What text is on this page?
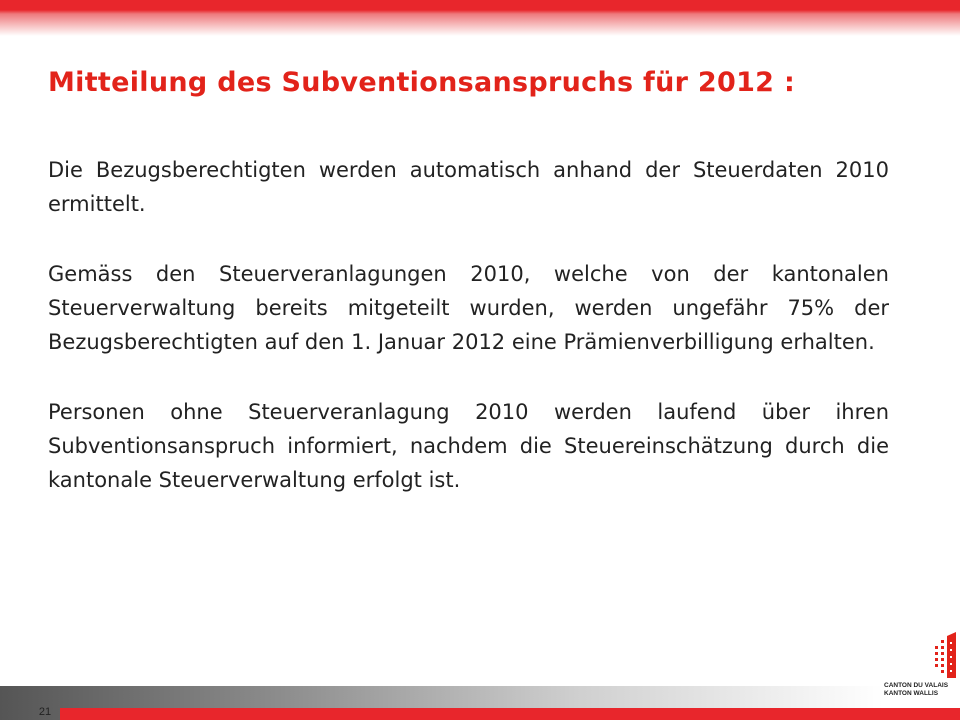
Mitteilung des Subventionsanspruchs für 2012 :

Die Bezugsberechtigten werden automatisch anhand der Steuerdaten 2010 ermittelt.

Gemäss den Steuerveranlagungen 2010, welche von der kantonalen Steuerverwaltung bereits mitgeteilt wurden, werden ungefähr 75% der Bezugsberechtigten auf den 1. Januar 2012 eine Prämienverbilligung erhalten.

Personen ohne Steuerveranlagung 2010 werden laufend über ihren Subventionsanspruch informiert, nachdem die Steuereinschätzung durch die kantonale Steuerverwaltung erfolgt ist.

21
CANTON DU VALAIS
KANTON WALLIS
